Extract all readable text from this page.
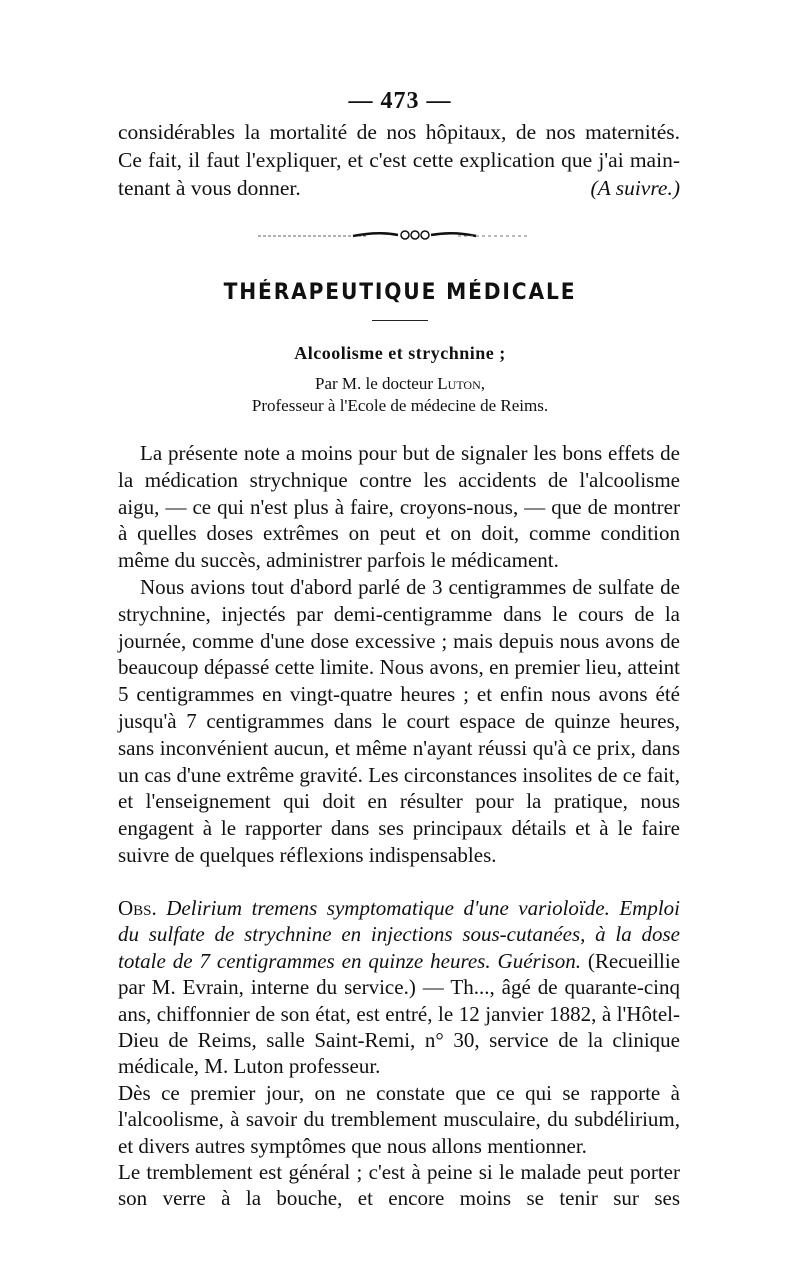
— 473 —
considérables la mortalité de nos hôpitaux, de nos maternités.
Ce fait, il faut l'expliquer, et c'est cette explication que j'ai main-
tenant à vous donner.	(A suivre.)
THÉRAPEUTIQUE MÉDICALE
Alcoolisme et strychnine ;
Par M. le docteur Luton,
Professeur à l'Ecole de médecine de Reims.

La présente note a moins pour but de signaler les bons effets de la médication strychnique contre les accidents de l'alcoolisme aigu, — ce qui n'est plus à faire, croyons-nous, — que de montrer à quelles doses extrêmes on peut et on doit, comme condition même du succès, administrer parfois le médicament.

Nous avions tout d'abord parlé de 3 centigrammes de sulfate de strychnine, injectés par demi-centigramme dans le cours de la journée, comme d'une dose excessive ; mais depuis nous avons de beaucoup dépassé cette limite. Nous avons, en premier lieu, atteint 5 centigrammes en vingt-quatre heures ; et enfin nous avons été jusqu'à 7 centigrammes dans le court espace de quinze heures, sans inconvénient aucun, et même n'ayant réussi qu'à ce prix, dans un cas d'une extrême gravité. Les circonstances insolites de ce fait, et l'enseignement qui doit en résulter pour la pratique, nous engagent à le rapporter dans ses principaux détails et à le faire suivre de quelques réflexions indispensables.

Obs. Delirium tremens symptomatique d'une varioloïde. Emploi du sulfate de strychnine en injections sous-cutanées, à la dose totale de 7 centigrammes en quinze heures. Guérison. (Recueillie par M. Evrain, interne du service.) — Th..., âgé de quarante-cinq ans, chiffonnier de son état, est entré, le 12 janvier 1882, à l'Hôtel-Dieu de Reims, salle Saint-Remi, n° 30, service de la clinique médicale, M. Luton professeur.

Dès ce premier jour, on ne constate que ce qui se rapporte à l'alcoolisme, à savoir du tremblement musculaire, du subdélirium, et divers autres symptômes que nous allons mentionner.

Le tremblement est général ; c'est à peine si le malade peut porter son verre à la bouche, et encore moins se tenir sur ses
